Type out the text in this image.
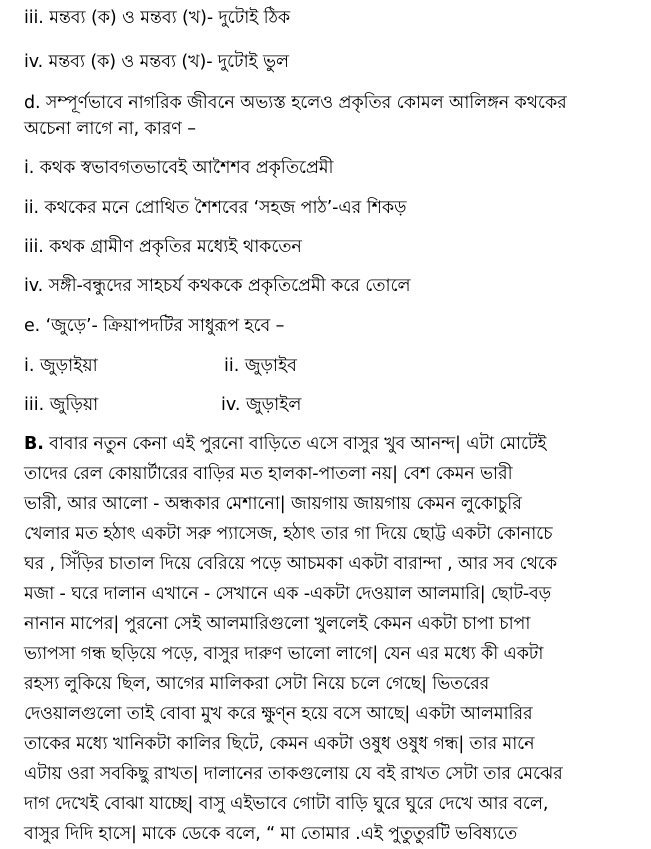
iii. মন্তব্য (ক) ও মন্তব্য (খ)- দুটোই ঠিক
iv. মন্তব্য (ক) ও মন্তব্য (খ)- দুটোই ভুল
d. সম্পূর্ণভাবে নাগরিক জীবনে অভ্যস্ত হলেও প্রকৃতির কোমল আলিঙ্গন কথকের
অচেনা লাগে না, কারণ –
i. কথক স্বভাবগতভাবেই আশৈশব প্রকৃতিপ্রেমী
ii. কথকের মনে প্রোথিত শৈশবের ‘সহজ পাঠ’-এর শিকড়
iii. কথক গ্রামীণ প্রকৃতির মধ্যেই থাকতেন
iv. সঙ্গী-বন্ধুদের সাহচর্য কথককে প্রকৃতিপ্রেমী করে তোলে
e. ‘জুড়ে’- ক্রিয়াপদটির সাধুরূপ হবে –
i. জুড়াইয়া	ii. জুড়াইব
iii. জুড়িয়া	iv. জুড়াইল
B. বাবার নতুন কেনা এই পুরনো বাড়িতে এসে বাসুর খুব আনন্দ| এটা মোটেই
তাদের রেল কোয়ার্টারের বাড়ির মত হালকা-পাতলা নয়| বেশ কেমন ভারী
ভারী, আর আলো - অন্ধকার মেশানো| জায়গায় জায়গায় কেমন লুকোচুরি
খেলার মত হঠাৎ একটা সরু প্যাসেজ, হঠাৎ তার গা দিয়ে ছোট্ট একটা কোনাচে
ঘর , সিঁড়ির চাতাল দিয়ে বেরিয়ে পড়ে আচমকা একটা বারান্দা , আর সব থেকে
মজা - ঘরে দালান এখানে - সেখানে এক -একটা দেওয়াল আলমারি| ছোট-বড়
নানান মাপের| পুরনো সেই আলমারিগুলো খুললেই কেমন একটা চাপা চাপা
ভ্যাপসা গন্ধ ছড়িয়ে পড়ে, বাসুর দারুণ ভালো লাগে| যেন এর মধ্যে কী একটা
রহস্য লুকিয়ে ছিল, আগের মালিকরা সেটা নিয়ে চলে গেছে| ভিতরের
দেওয়ালগুলো তাই বোবা মুখ করে ক্ষুণ্ন হয়ে বসে আছে| একটা আলমারির
তাকের মধ্যে খানিকটা কালির ছিটে, কেমন একটা ওষুধ ওষুধ গন্ধ| তার মানে
এটায় ওরা সবকিছু রাখত| দালানের তাকগুলোয় যে বই রাখত সেটা তার মেঝের
দাগ দেখেই বোঝা যাচ্ছে| বাসু এইভাবে গোটা বাড়ি ঘুরে ঘুরে দেখে আর বলে,
বাসুর দিদি হাসে| মাকে ডেকে বলে, “ মা তোমার .এই পুতুতুরটি ভবিষ্যতে
